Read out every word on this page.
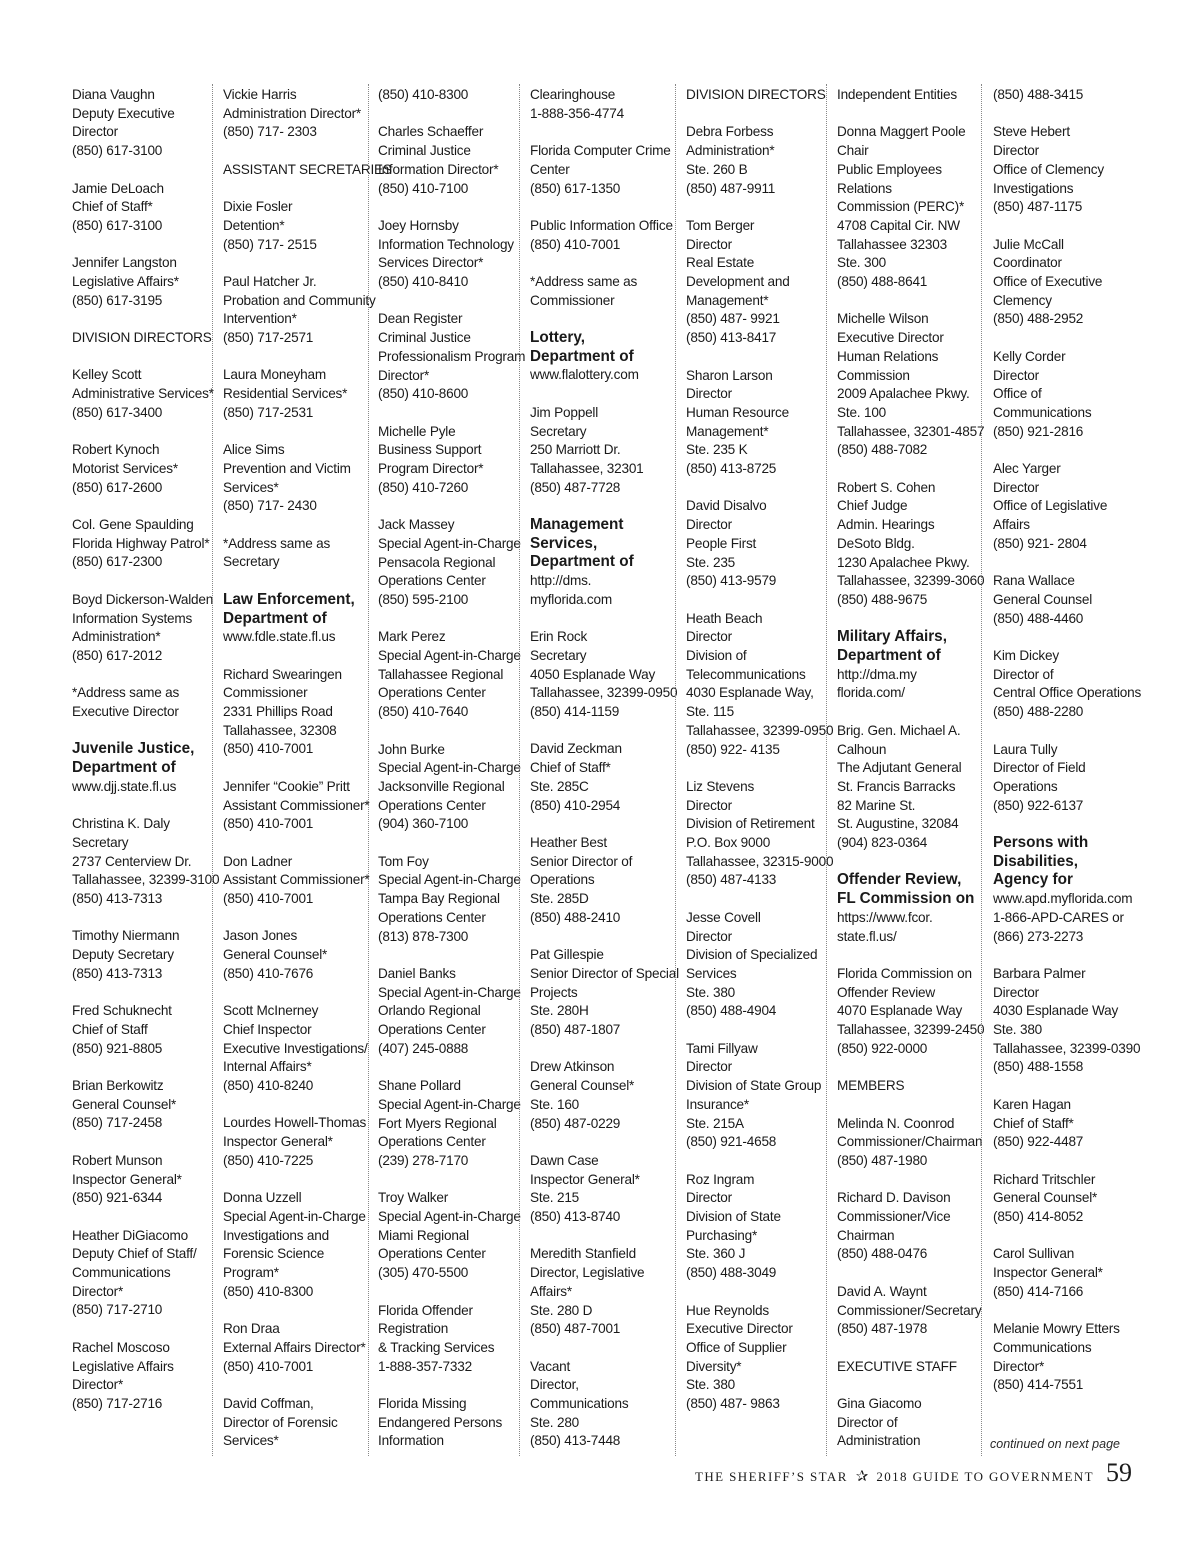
Diana Vaughn
Deputy Executive
Director
(850) 617-3100
Jamie DeLoach
Chief of Staff*
(850) 617-3100
Jennifer Langston
Legislative Affairs*
(850) 617-3195
DIVISION DIRECTORS
Kelley Scott
Administrative Services*
(850) 617-3400
Robert Kynoch
Motorist Services*
(850) 617-2600
Col. Gene Spaulding
Florida Highway Patrol*
(850) 617-2300
Boyd Dickerson-Walden
Information Systems
Administration*
(850) 617-2012
*Address same as
Executive Director
Juvenile Justice,
Department of
www.djj.state.fl.us
Christina K. Daly
Secretary
2737 Centerview Dr.
Tallahassee, 32399-3100
(850) 413-7313
Timothy Niermann
Deputy Secretary
(850) 413-7313
Fred Schuknecht
Chief of Staff
(850) 921-8805
Brian Berkowitz
General Counsel*
(850) 717-2458
Robert Munson
Inspector General*
(850) 921-6344
Heather DiGiacomo
Deputy Chief of Staff/
Communications
Director*
(850) 717-2710
Rachel Moscoso
Legislative Affairs
Director*
(850) 717-2716
Vickie Harris
Administration Director*
(850) 717- 2303
ASSISTANT SECRETARIES
Dixie Fosler
Detention*
(850) 717- 2515
Paul Hatcher Jr.
Probation and Community
Intervention*
(850) 717-2571
Laura Moneyham
Residential Services*
(850) 717-2531
Alice Sims
Prevention and Victim
Services*
(850) 717- 2430
*Address same as
Secretary
Law Enforcement,
Department of
www.fdle.state.fl.us
Richard Swearingen
Commissioner
2331 Phillips Road
Tallahassee, 32308
(850) 410-7001
Jennifer “Cookie” Pritt
Assistant Commissioner*
(850) 410-7001
Don Ladner
Assistant Commissioner*
(850) 410-7001
Jason Jones
General Counsel*
(850) 410-7676
Scott McInerney
Chief Inspector
Executive Investigations/
Internal Affairs*
(850) 410-8240
Lourdes Howell-Thomas
Inspector General*
(850) 410-7225
Donna Uzzell
Special Agent-in-Charge
Investigations and
Forensic Science
Program*
(850) 410-8300
Ron Draa
External Affairs Director*
(850) 410-7001
David Coffman,
Director of Forensic
Services*
(850) 410-8300
Charles Schaeffer
Criminal Justice
Information Director*
(850) 410-7100
Joey Hornsby
Information Technology
Services Director*
(850) 410-8410
Dean Register
Criminal Justice
Professionalism Program
Director*
(850) 410-8600
Michelle Pyle
Business Support
Program Director*
(850) 410-7260
Jack Massey
Special Agent-in-Charge
Pensacola Regional
Operations Center
(850) 595-2100
Mark Perez
Special Agent-in-Charge
Tallahassee Regional
Operations Center
(850) 410-7640
John Burke
Special Agent-in-Charge
Jacksonville Regional
Operations Center
(904) 360-7100
Tom Foy
Special Agent-in-Charge
Tampa Bay Regional
Operations Center
(813) 878-7300
Daniel Banks
Special Agent-in-Charge
Orlando Regional
Operations Center
(407) 245-0888
Shane Pollard
Special Agent-in-Charge
Fort Myers Regional
Operations Center
(239) 278-7170
Troy Walker
Special Agent-in-Charge
Miami Regional
Operations Center
(305) 470-5500
Florida Offender
Registration
& Tracking Services
1-888-357-7332
Florida Missing
Endangered Persons
Information
Clearinghouse
1-888-356-4774
Florida Computer Crime
Center
(850) 617-1350
Public Information Office
(850) 410-7001
*Address same as
Commissioner
Lottery,
Department of
www.flalottery.com
Jim Poppell
Secretary
250 Marriott Dr.
Tallahassee, 32301
(850) 487-7728
Management
Services,
Department of
http://dms.
myflorida.com
Erin Rock
Secretary
4050 Esplanade Way
Tallahassee, 32399-0950
(850) 414-1159
David Zeckman
Chief of Staff*
Ste. 285C
(850) 410-2954
Heather Best
Senior Director of
Operations
Ste. 285D
(850) 488-2410
Pat Gillespie
Senior Director of Special
Projects
Ste. 280H
(850) 487-1807
Drew Atkinson
General Counsel*
Ste. 160
(850) 487-0229
Dawn Case
Inspector General*
Ste. 215
(850) 413-8740
Meredith Stanfield
Director, Legislative
Affairs*
Ste. 280 D
(850) 487-7001
Vacant
Director,
Communications
Ste. 280
(850) 413-7448
DIVISION DIRECTORS
Debra Forbess
Administration*
Ste. 260 B
(850) 487-9911
Tom Berger
Director
Real Estate
Development and
Management*
(850) 487- 9921
(850) 413-8417
Sharon Larson
Director
Human Resource
Management*
Ste. 235 K
(850) 413-8725
David Disalvo
Director
People First
Ste. 235
(850) 413-9579
Heath Beach
Director
Division of
Telecommunications
4030 Esplanade Way,
Ste. 115
Tallahassee, 32399-0950
(850) 922- 4135
Liz Stevens
Director
Division of Retirement
P.O. Box 9000
Tallahassee, 32315-9000
(850) 487-4133
Jesse Covell
Director
Division of Specialized
Services
Ste. 380
(850) 488-4904
Tami Fillyaw
Director
Division of State Group
Insurance*
Ste. 215A
(850) 921-4658
Roz Ingram
Director
Division of State
Purchasing*
Ste. 360 J
(850) 488-3049
Hue Reynolds
Executive Director
Office of Supplier
Diversity*
Ste. 380
(850) 487- 9863
Independent Entities
Donna Maggert Poole
Chair
Public Employees
Relations
Commission (PERC)*
4708 Capital Cir. NW
Tallahassee 32303
Ste. 300
(850) 488-8641
Michelle Wilson
Executive Director
Human Relations
Commission
2009 Apalachee Pkwy.
Ste. 100
Tallahassee, 32301-4857
(850) 488-7082
Robert S. Cohen
Chief Judge
Admin. Hearings
DeSoto Bldg.
1230 Apalachee Pkwy.
Tallahassee, 32399-3060
(850) 488-9675
Military Affairs,
Department of
http://dma.my
florida.com/
Brig. Gen. Michael A.
Calhoun
The Adjutant General
St. Francis Barracks
82 Marine St.
St. Augustine, 32084
(904) 823-0364
Offender Review,
FL Commission on
https://www.fcor.
state.fl.us/
Florida Commission on
Offender Review
4070 Esplanade Way
Tallahassee, 32399-2450
(850) 922-0000
MEMBERS
Melinda N. Coonrod
Commissioner/Chairman
(850) 487-1980
Richard D. Davison
Commissioner/Vice
Chairman
(850) 488-0476
David A. Waynt
Commissioner/Secretary
(850) 487-1978
EXECUTIVE STAFF
Gina Giacomo
Director of
Administration
(850) 488-3415
Steve Hebert
Director
Office of Clemency
Investigations
(850) 487-1175
Julie McCall
Coordinator
Office of Executive
Clemency
(850) 488-2952
Kelly Corder
Director
Office of
Communications
(850) 921-2816
Alec Yarger
Director
Office of Legislative
Affairs
(850) 921- 2804
Rana Wallace
General Counsel
(850) 488-4460
Kim Dickey
Director of
Central Office Operations
(850) 488-2280
Laura Tully
Director of Field
Operations
(850) 922-6137
Persons with
Disabilities,
Agency for
www.apd.myflorida.com
1-866-APD-CARES or
(866) 273-2273
Barbara Palmer
Director
4030 Esplanade Way
Ste. 380
Tallahassee, 32399-0390
(850) 488-1558
Karen Hagan
Chief of Staff*
(850) 922-4487
Richard Tritschler
General Counsel*
(850) 414-8052
Carol Sullivan
Inspector General*
(850) 414-7166
Melanie Mowry Etters
Communications
Director*
(850) 414-7551
continued on next page
THE SHERIFF’S STAR ✰ 2018 GUIDE TO GOVERNMENT 59
